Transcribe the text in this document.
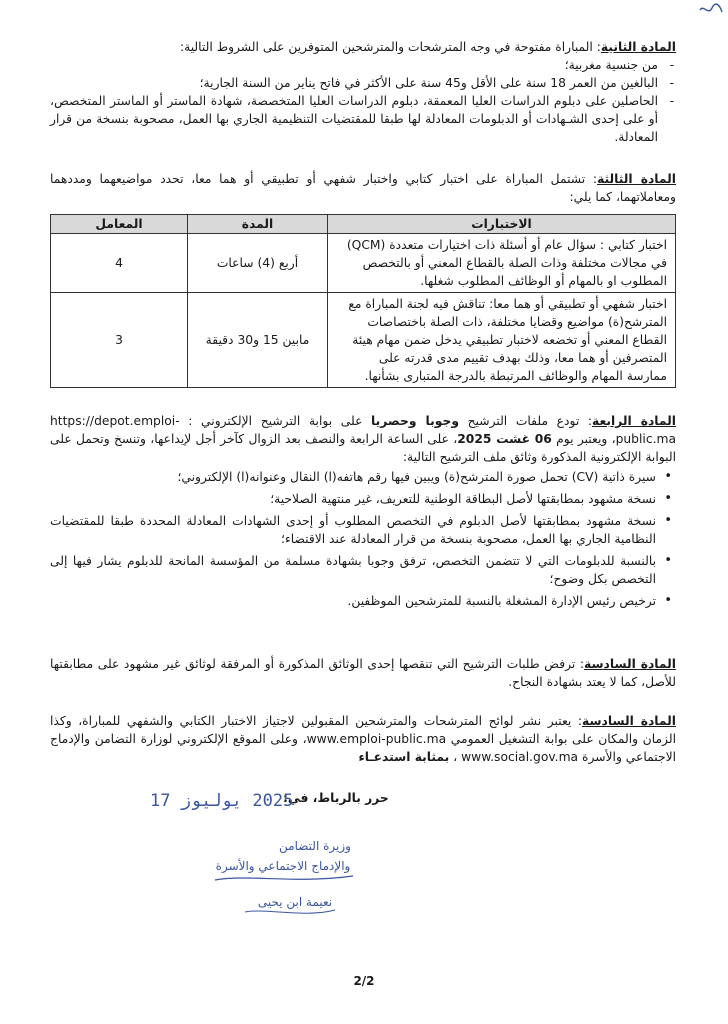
المادة الثانية: المباراة مفتوحة في وجه المترشحات والمترشحين المتوفرين على الشروط التالية:
- من جنسية مغربية؛
- البالغين من العمر 18 سنة على الأقل و45 سنة على الأكثر في فاتح يناير من السنة الجارية؛
- الحاصلين على دبلوم الدراسات العليا المعمقة، دبلوم الدراسات العليا المتخصصة، شهادة الماستر أو الماستر المتخصص، أو على إحدى الشـهادات أو الدبلومات المعادلة لها طبقا للمقتضيات التنظيمية الجاري بها العمل، مصحوبة بنسخة من قرار المعادلة.
المادة الثالثة: تشتمل المباراة على اختبار كتابي واختبار شفهي أو تطبيقي أو هما معا، تحدد مواضيعهما ومددهما ومعاملاتهما، كما يلي:
الاختبارات	المدة	المعامل
اختبار كتابي : سؤال عام أو أسئلة ذات اختيارات متعددة (QCM) في مجالات مختلفة وذات الصلة بالقطاع المعني أو بالتخصص المطلوب او بالمهام أو الوظائف المطلوب شغلها.	أربع (4) ساعات	4
اختبار شفهي أو تطبيقي أو هما معا: تناقش فيه لجنة المباراة مع المترشح(ة) مواضيع وقضايا مختلفة، ذات الصلة باختصاصات القطاع المعني أو تخضعه لاختبار تطبيقي يدخل ضمن مهام هيئة المتصرفين أو هما معا، وذلك بهدف تقييم مدى قدرته على ممارسة المهام والوظائف المرتبطة بالدرجة المتبارى بشأنها.	مابين 15 و30 دقيقة	3
المادة الرابعة: تودع ملفات الترشيح وجوبا وحصريا على بوابة الترشيح الإلكتروني : https://depot.emploi-public.ma، ويعتبر يوم 06 غشت 2025، على الساعة الرابعة والنصف بعد الزوال كآخر أجل لإيداعها، وتنسخ وتحمل على البوابة الإلكترونية المذكورة وثائق ملف الترشيح التالية:
• سيرة ذاتية (CV) تحمل صورة المترشح(ة) ويبين فيها رقم هاتفه(ا) النقال وعنوانه(ا) الإلكتروني؛
• نسخة مشهود بمطابقتها لأصل البطاقة الوطنية للتعريف، غير منتهية الصلاحية؛
• نسخة مشهود بمطابقتها لأصل الدبلوم في التخصص المطلوب أو إحدى الشهادات المعادلة المحددة طبقا للمقتضيات النظامية الجاري بها العمل، مصحوبة بنسخة من قرار المعادلة عند الاقتضاء؛
• بالنسبة للدبلومات التي لا تتضمن التخصص، ترفق وجوبا بشهادة مسلمة من المؤسسة المانحة للدبلوم يشار فيها إلى التخصص بكل وضوح؛
• ترخيص رئيس الإدارة المشغلة بالنسبة للمترشحين الموظفين.
المادة السادسة: ترفض طلبات الترشيح التي تنقصها إحدى الوثائق المذكورة أو المرفقة لوثائق غير مشهود على مطابقتها للأصل، كما لا يعتد بشهادة النجاح.
المادة السادسة: يعتبر نشر لوائح المترشحات والمترشحين المقبولين لاجتياز الاختبار الكتابي والشفهي للمباراة، وكذا الزمان والمكان على بوابة التشغيل العمومي www.emploi-public.ma، وعلى الموقع الإلكتروني لوزارة التضامن والإدماج الاجتماعي والأسرة www.social.gov.ma ، بمثابة استدعـاء
حرر بالرباط، في:
2025 يوليوز 17
وزيرة التضامن
والإدماج الاجتماعي والأسرة
نعيمة ابن يحيى
2/2
